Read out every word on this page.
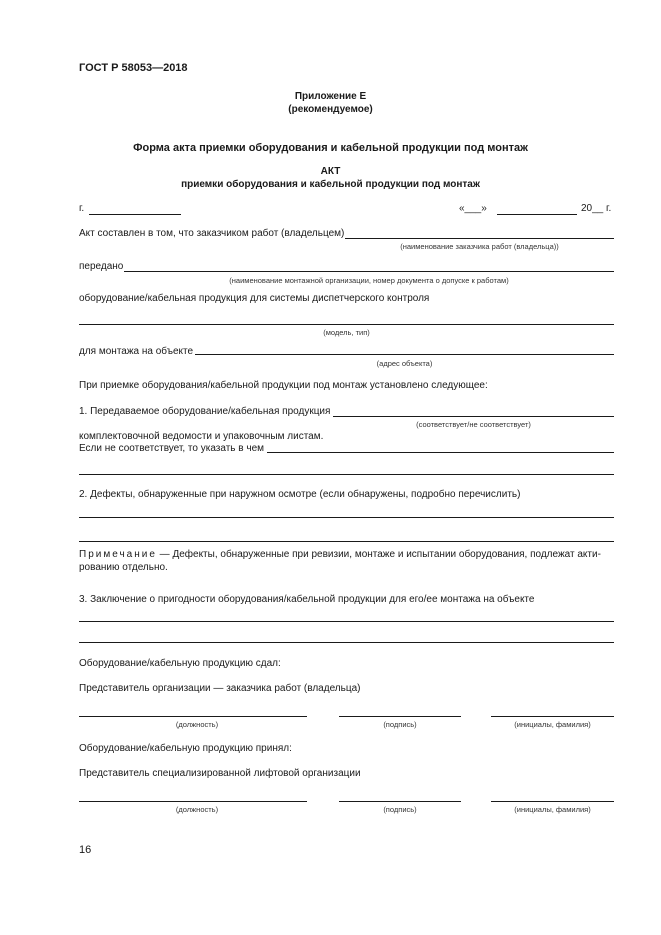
ГОСТ Р 58053—2018
Приложение Е
(рекомендуемое)
Форма акта приемки оборудования и кабельной продукции под монтаж
АКТ
приемки оборудования и кабельной продукции под монтаж
г.	«___»	20__ г.
Акт составлен в том, что заказчиком работ (владельцем)
(наименование заказчика работ (владельца))
передано
(наименование монтажной организации, номер документа о допуске к работам)
оборудование/кабельная продукция для системы диспетчерского контроля
(модель, тип)
для монтажа на объекте
(адрес объекта)
При приемке оборудования/кабельной продукции под монтаж установлено следующее:
1. Передаваемое оборудование/кабельная продукция
(соответствует/не соответствует)
комплектовочной ведомости и упаковочным листам.
Если не соответствует, то указать в чем
2. Дефекты, обнаруженные при наружном осмотре (если обнаружены, подробно перечислить)
Примечание — Дефекты, обнаруженные при ревизии, монтаже и испытании оборудования, подлежат акти-
рованию отдельно.
3. Заключение о пригодности оборудования/кабельной продукции для его/ее монтажа на объекте
Оборудование/кабельную продукцию сдал:
Представитель организации — заказчика работ (владельца)
(должность)	(подпись)	(инициалы, фамилия)
Оборудование/кабельную продукцию принял:
Представитель специализированной лифтовой организации
(должность)	(подпись)	(инициалы, фамилия)
16
